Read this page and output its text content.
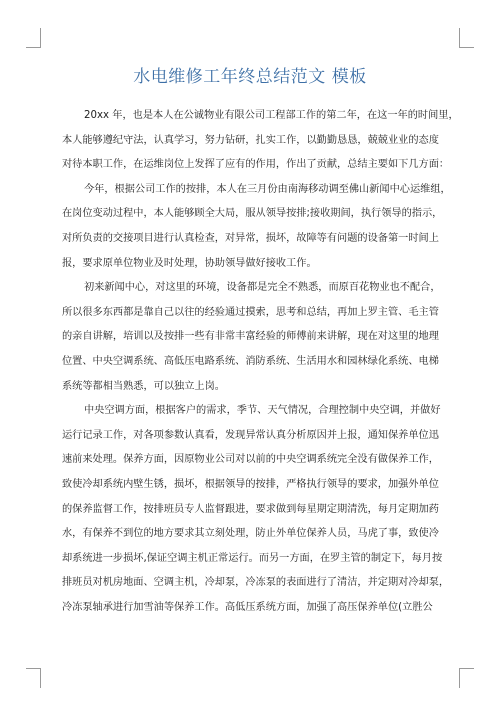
水电维修工年终总结范文 模板
20xx 年，也是本人在公诚物业有限公司工程部工作的第二年，在这一年的时间里，
本人能够遵纪守法，认真学习，努力钻研，扎实工作，以勤勤恳恳，兢兢业业的态度
对待本职工作，在运维岗位上发挥了应有的作用，作出了贡献，总结主要如下几方面：
今年，根据公司工作的按排，本人在三月份由南海移动调至佛山新闻中心运维组，
在岗位变动过程中，本人能够顾全大局，服从领导按排;接收期间，执行领导的指示，
对所负责的交接项目进行认真检查，对异常，损坏，故障等有问题的设备第一时间上
报，要求原单位物业及时处理，协助领导做好接收工作。
初来新闻中心，对这里的环境，设备都是完全不熟悉，而原百花物业也不配合，
所以很多东西都是靠自己以往的经验通过摸索，思考和总结，再加上罗主管、毛主管
的亲自讲解，培训以及按排一些有非常丰富经验的师傅前来讲解，现在对这里的地理
位置、中央空调系统、高低压电路系统、消防系统、生活用水和园林绿化系统、电梯
系统等都相当熟悉，可以独立上岗。
中央空调方面，根据客户的需求，季节、天气情况，合理控制中央空调，并做好
运行记录工作，对各项参数认真看，发现异常认真分析原因并上报，通知保养单位迅
速前来处理。保养方面，因原物业公司对以前的中央空调系统完全没有做保养工作，
致使冷却系统内壁生锈，损坏，根据领导的按排，严格执行领导的要求，加强外单位
的保养监督工作，按排班员专人监督跟进，要求做到每星期定期清洗，每月定期加药
水，有保养不到位的地方要求其立刻处理，防止外单位保养人员，马虎了事，致使冷
却系统进一步损坏,保证空调主机正常运行。而另一方面，在罗主管的制定下，每月按
排班员对机房地面、空调主机，冷却泵，冷冻泵的表面进行了清洁，并定期对冷却泵，
冷冻泵轴承进行加雪油等保养工作。高低压系统方面，加强了高压保养单位(立胜公
